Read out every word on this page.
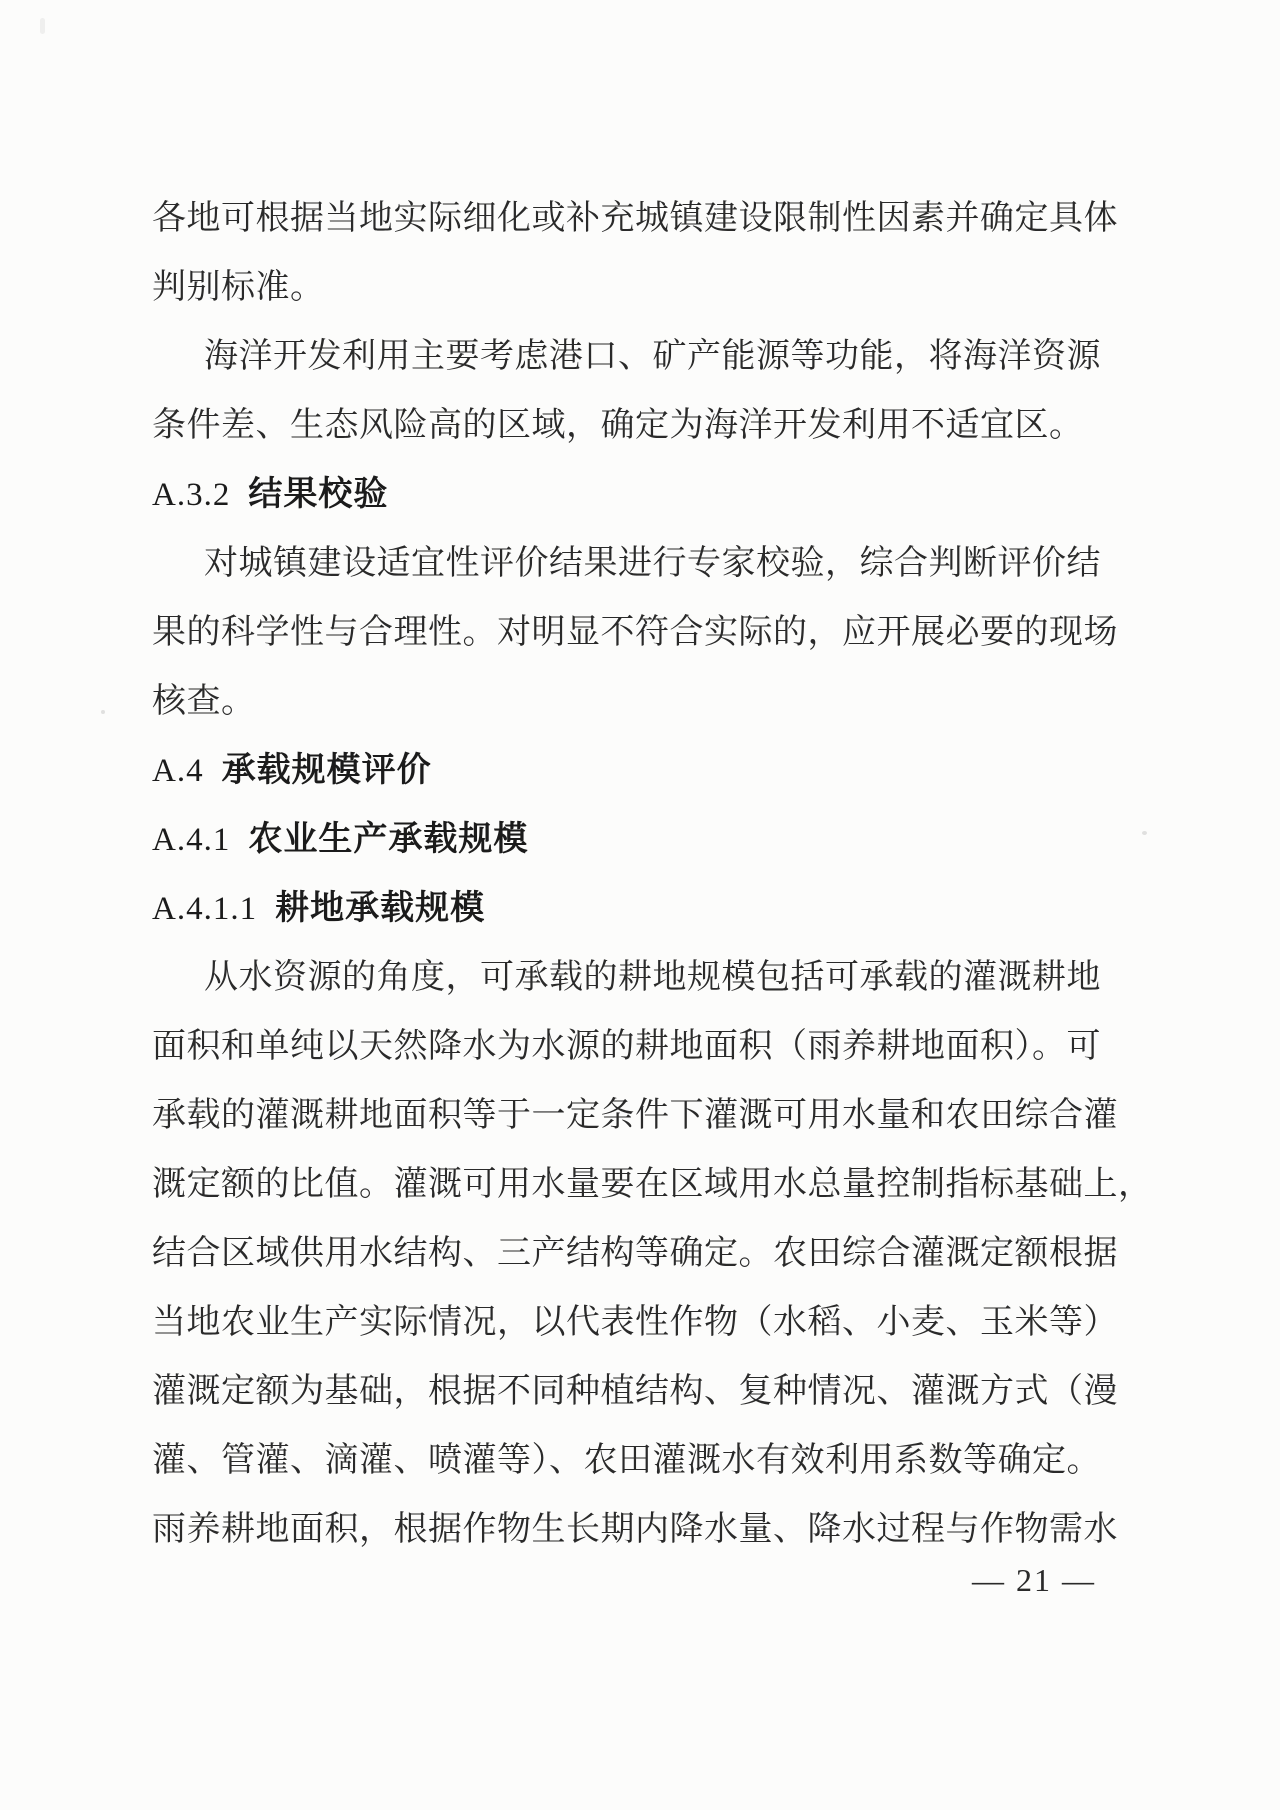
各地可根据当地实际细化或补充城镇建设限制性因素并确定具体
判别标准。
海洋开发利用主要考虑港口、矿产能源等功能，将海洋资源
条件差、生态风险高的区域，确定为海洋开发利用不适宜区。
A.3.2 结果校验
对城镇建设适宜性评价结果进行专家校验，综合判断评价结
果的科学性与合理性。对明显不符合实际的，应开展必要的现场
核查。
A.4 承载规模评价
A.4.1 农业生产承载规模
A.4.1.1 耕地承载规模
从水资源的角度，可承载的耕地规模包括可承载的灌溉耕地
面积和单纯以天然降水为水源的耕地面积（雨养耕地面积）。可
承载的灌溉耕地面积等于一定条件下灌溉可用水量和农田综合灌
溉定额的比值。灌溉可用水量要在区域用水总量控制指标基础上，
结合区域供用水结构、三产结构等确定。农田综合灌溉定额根据
当地农业生产实际情况，以代表性作物（水稻、小麦、玉米等）
灌溉定额为基础，根据不同种植结构、复种情况、灌溉方式（漫
灌、管灌、滴灌、喷灌等）、农田灌溉水有效利用系数等确定。
雨养耕地面积，根据作物生长期内降水量、降水过程与作物需水
— 21 —
